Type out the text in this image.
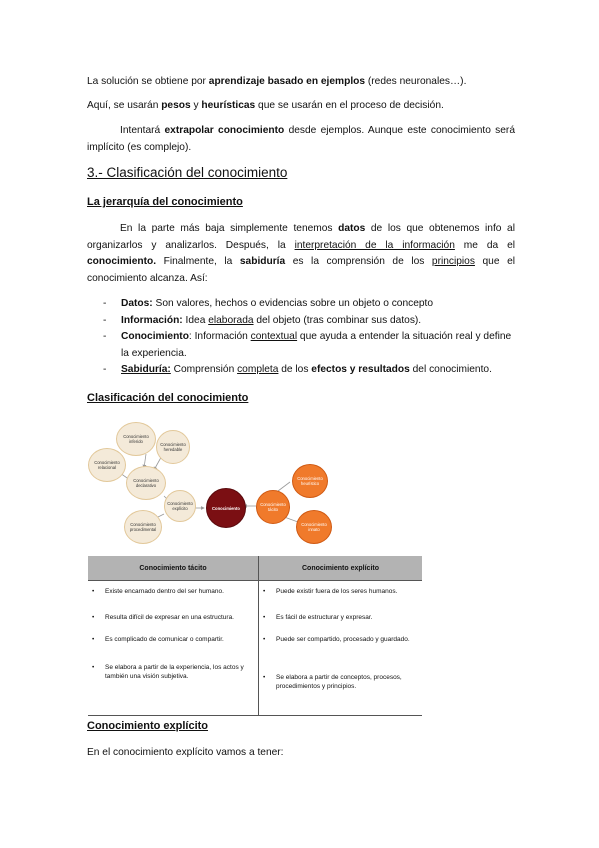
La solución se obtiene por aprendizaje basado en ejemplos (redes neuronales…).

Aquí, se usarán pesos y heurísticas que se usarán en el proceso de decisión.

Intentará extrapolar conocimiento desde ejemplos. Aunque este conocimiento será implícito (es complejo).

3.- Clasificación del conocimiento
La jerarquía del conocimiento

En la parte más baja simplemente tenemos datos de los que obtenemos info al organizarlos y analizarlos. Después, la interpretación de la información me da el conocimiento. Finalmente, la sabiduría es la comprensión de los principios que el conocimiento alcanza. Así:

- Datos: Son valores, hechos o evidencias sobre un objeto o concepto
- Información: Idea elaborada del objeto (tras combinar sus datos).
- Conocimiento: Información contextual que ayuda a entender la situación real y define la experiencia.
- Sabiduría: Comprensión completa de los efectos y resultados del conocimiento.
Clasificación del conocimiento
Conocimiento inferido
Conocimiento heredable
Conocimiento relacional
Conocimiento declarativo
Conocimiento explícito
Conocimiento procedimental
Conocimiento
Conocimiento tácito
Conocimiento heurístico
Conocimiento innato
Conocimiento tácito	Conocimiento explícito

• Existe encarnado dentro del ser humano.	• Puede existir fuera de los seres humanos.

• Resulta difícil de expresar en una estructura.	• Es fácil de estructurar y expresar.

• Es complicado de comunicar o compartir.	• Puede ser compartido, procesado y guardado.

• Se elabora a partir de la experiencia, los actos y también una visión subjetiva.	• Se elabora a partir de conceptos, procesos, procedimientos y principios.
Conocimiento explícito

En el conocimiento explícito vamos a tener:
